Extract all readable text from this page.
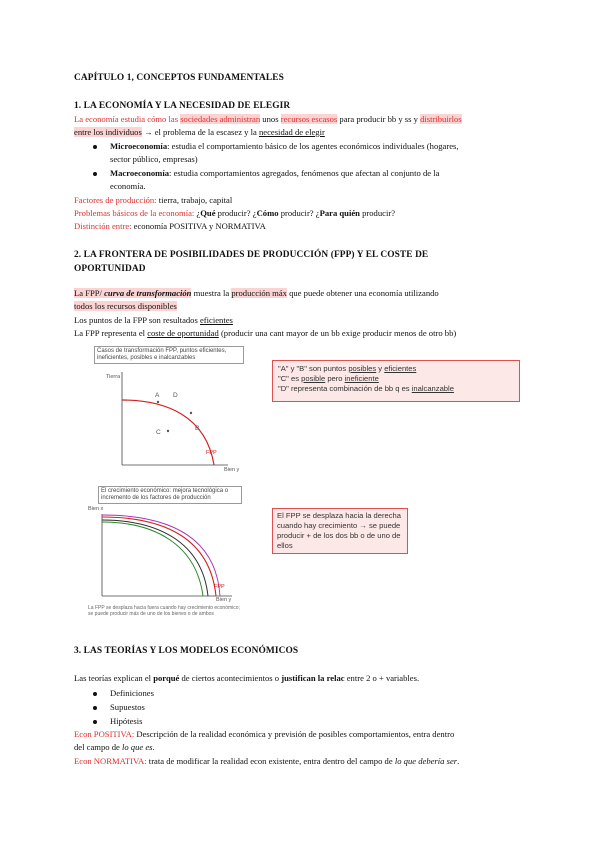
CAPÍTULO 1, CONCEPTOS FUNDAMENTALES
1. LA ECONOMÍA Y LA NECESIDAD DE ELEGIR
La economía estudia cómo las sociedades administran unos recursos escasos para producir bb y ss y distribuirlos
entre los individuos → el problema de la escasez y la necesidad de elegir
Microeconomía: estudia el comportamiento básico de los agentes económicos individuales (hogares,
sector público, empresas)
Macroeconomía: estudia comportamientos agregados, fenómenos que afectan al conjunto de la
economía.
Factores de producción: tierra, trabajo, capital
Problemas básicos de la economía: ¿Qué producir? ¿Cómo producir? ¿Para quién producir?
Distinción entre: economía POSITIVA y NORMATIVA
2. LA FRONTERA DE POSIBILIDADES DE PRODUCCIÓN (FPP) Y EL COSTE DE
OPORTUNIDAD
La FPP/ curva de transformación muestra la producción máx que puede obtener una economía utilizando
todos los recursos disponibles
Los puntos de la FPP son resultados eficientes
La FPP representa el coste de oportunidad (producir una cant mayor de un bb exige producir menos de otro bb)
Casos de transformación FPP, puntos eficientes, ineficientes, posibles e inalcanzables
Tierra
Bien y
A D
C
B
FPP
"A" y "B" son puntos posibles y eficientes
"C" es posible pero ineficiente
"D" representa combinación de bb q es inalcanzable
El crecimiento económico: mejora tecnológica o incremento de los factores de producción
Bien x
Bien y
FPP
La FPP se desplaza hacia fuera cuando hay crecimiento económico; se puede producir más de uno de los bienes o de ambos
El FPP se desplaza hacia la derecha cuando hay crecimiento → se puede producir + de los dos bb o de uno de ellos
3. LAS TEORÍAS Y LOS MODELOS ECONÓMICOS
Las teorías explican el porqué de ciertos acontecimientos o justifican la relac entre 2 o + variables.
Definiciones
Supuestos
Hipótesis
Econ POSITIVA: Descripción de la realidad económica y previsión de posibles comportamientos, entra dentro
del campo de lo que es.
Econ NORMATIVA: trata de modificar la realidad econ existente, entra dentro del campo de lo que debería ser.
